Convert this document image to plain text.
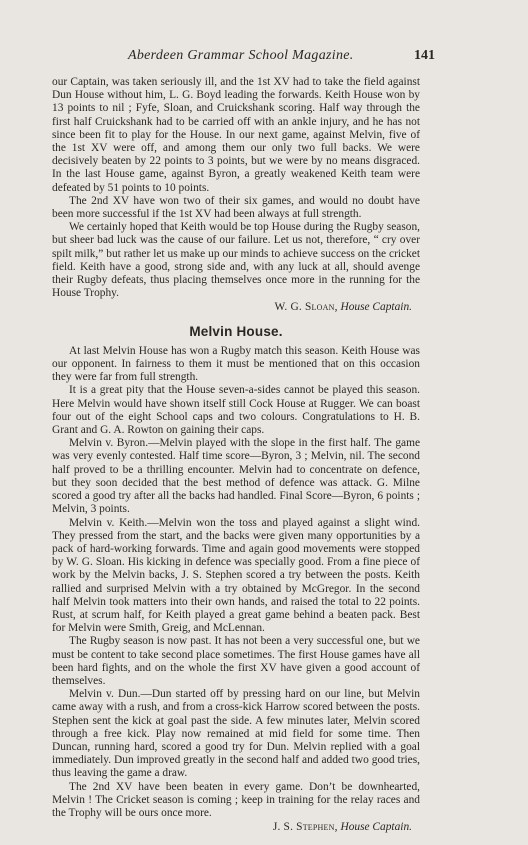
Aberdeen Grammar School Magazine.	141

our Captain, was taken seriously ill, and the 1st XV had to take the field against Dun House without him, L. G. Boyd leading the forwards. Keith House won by 13 points to nil ; Fyfe, Sloan, and Cruickshank scoring. Half way through the first half Cruickshank had to be carried off with an ankle injury, and he has not since been fit to play for the House. In our next game, against Melvin, five of the 1st XV were off, and among them our only two full backs. We were decisively beaten by 22 points to 3 points, but we were by no means disgraced. In the last House game, against Byron, a greatly weakened Keith team were defeated by 51 points to 10 points.

The 2nd XV have won two of their six games, and would no doubt have been more successful if the 1st XV had been always at full strength.

We certainly hoped that Keith would be top House during the Rugby season, but sheer bad luck was the cause of our failure. Let us not, therefore, “ cry over spilt milk,” but rather let us make up our minds to achieve success on the cricket field. Keith have a good, strong side and, with any luck at all, should avenge their Rugby defeats, thus placing themselves once more in the running for the House Trophy.

W. G. Sloan, House Captain.
Melvin House.

At last Melvin House has won a Rugby match this season. Keith House was our opponent. In fairness to them it must be mentioned that on this occasion they were far from full strength.

It is a great pity that the House seven-a-sides cannot be played this season. Here Melvin would have shown itself still Cock House at Rugger. We can boast four out of the eight School caps and two colours. Congratulations to H. B. Grant and G. A. Rowton on gaining their caps.

Melvin v. Byron.—Melvin played with the slope in the first half. The game was very evenly contested. Half time score—Byron, 3 ; Melvin, nil. The second half proved to be a thrilling encounter. Melvin had to concentrate on defence, but they soon decided that the best method of defence was attack. G. Milne scored a good try after all the backs had handled. Final Score—Byron, 6 points ; Melvin, 3 points.

Melvin v. Keith.—Melvin won the toss and played against a slight wind. They pressed from the start, and the backs were given many opportunities by a pack of hard-working forwards. Time and again good movements were stopped by W. G. Sloan. His kicking in defence was specially good. From a fine piece of work by the Melvin backs, J. S. Stephen scored a try between the posts. Keith rallied and surprised Melvin with a try obtained by McGregor. In the second half Melvin took matters into their own hands, and raised the total to 22 points. Rust, at scrum half, for Keith played a great game behind a beaten pack. Best for Melvin were Smith, Greig, and McLennan.

The Rugby season is now past. It has not been a very successful one, but we must be content to take second place sometimes. The first House games have all been hard fights, and on the whole the first XV have given a good account of themselves.

Melvin v. Dun.—Dun started off by pressing hard on our line, but Melvin came away with a rush, and from a cross-kick Harrow scored between the posts. Stephen sent the kick at goal past the side. A few minutes later, Melvin scored through a free kick. Play now remained at mid field for some time. Then Duncan, running hard, scored a good try for Dun. Melvin replied with a goal immediately. Dun improved greatly in the second half and added two good tries, thus leaving the game a draw.

The 2nd XV have been beaten in every game. Don’t be downhearted, Melvin ! The Cricket season is coming ; keep in training for the relay races and the Trophy will be ours once more.

J. S. Stephen, House Captain.
